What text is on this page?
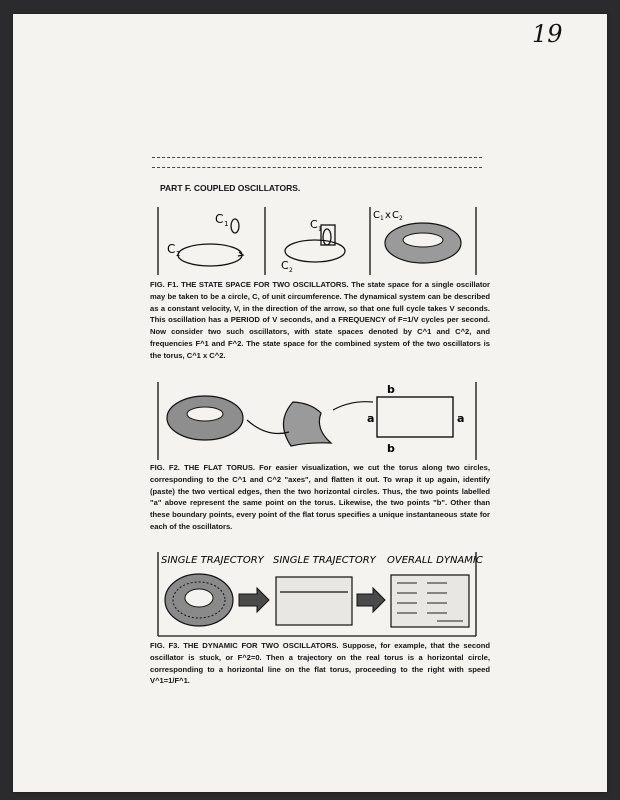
19
PART F. COUPLED OSCILLATORS.
C 1
C 2
C 1
C 2
C 1 x C 2
FIG. F1. THE STATE SPACE FOR TWO OSCILLATORS. The state space for a single oscillator may be taken to be a circle, C, of unit circumference. The dynamical system can be described as a constant velocity, V, in the direction of the arrow, so that one full cycle takes V seconds. This oscillation has a PERIOD of V seconds, and a FREQUENCY of F=1/V cycles per second. Now consider two such oscillators, with state spaces denoted by C^1 and C^2, and frequencies F^1 and F^2. The state space for the combined system of the two oscillators is the torus, C^1 x C^2.
a	a
b
b
FIG. F2. THE FLAT TORUS. For easier visualization, we cut the torus along two circles, corresponding to the C^1 and C^2 "axes", and flatten it out. To wrap it up again, identify (paste) the two vertical edges, then the two horizontal circles. Thus, the two points labelled "a" above represent the same point on the torus. Likewise, the two points "b". Other than these boundary points, every point of the flat torus specifies a unique instantaneous state for each of the oscillators.
SINGLE TRAJECTORY SINGLE TRAJECTORY OVERALL DYNAMIC
FIG. F3. THE DYNAMIC FOR TWO OSCILLATORS. Suppose, for example, that the second oscillator is stuck, or F^2=0. Then a trajectory on the real torus is a horizontal circle, corresponding to a horizontal line on the flat torus, proceeding to the right with speed V^1=1/F^1.
